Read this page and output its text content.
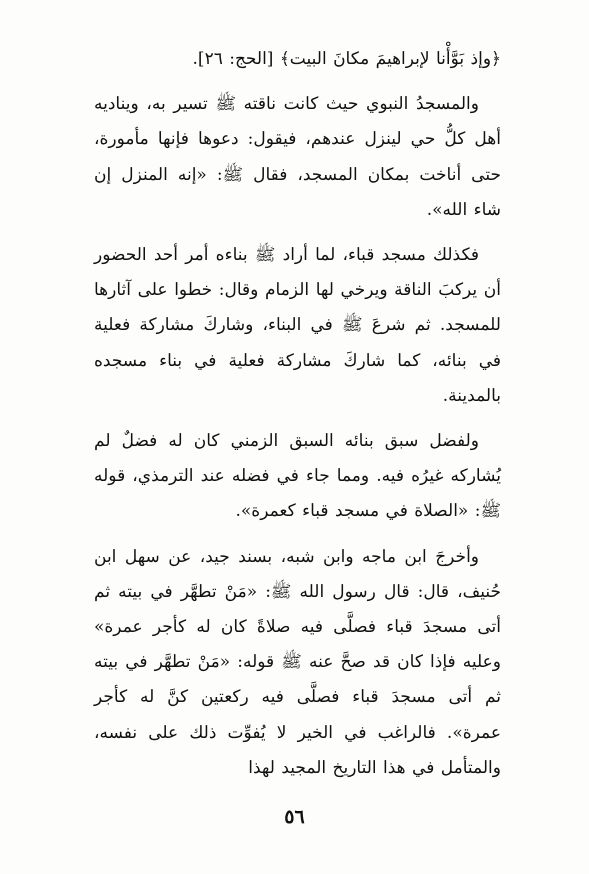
﴿وإذ بَوَّأْنا لإبراهيمَ مكانَ البيت﴾ [الحج: ٢٦].

والمسجدُ النبوي حيث كانت ناقته ﷺ تسير به، ويناديه أهل كلُّ حي لينزل عندهم، فيقول: دعوها فإنها مأمورة، حتى أناخت بمكان المسجد، فقال ﷺ: «إنه المنزل إن شاء الله».

فكذلك مسجد قباء، لما أراد ﷺ بناءه أمر أحد الحضور أن يركبَ الناقة ويرخي لها الزمام وقال: خطوا على آثارها للمسجد. ثم شرعَ ﷺ في البناء، وشاركَ مشاركة فعلية في بنائه، كما شاركَ مشاركة فعلية في بناء مسجده بالمدينة.

ولفضل سبق بنائه السبق الزمني كان له فضلٌ لم يُشاركه غيرُه فيه. ومما جاء في فضله عند الترمذي، قوله ﷺ: «الصلاة في مسجد قباء كعمرة».

وأخرجَ ابن ماجه وابن شبه، بسند جيد، عن سهل ابن حُنيف، قال: قال رسول الله ﷺ: «مَنْ تطهَّر في بيته ثم أتى مسجدَ قباء فصلَّى فيه صلاةً كان له كأجر عمرة» وعليه فإذا كان قد صحَّ عنه ﷺ قوله: «مَنْ تطهَّر في بيته ثم أتى مسجدَ قباء فصلَّى فيه ركعتين كنَّ له كأجر عمرة». فالراغب في الخير لا يُفوِّت ذلك على نفسه، والمتأمل في هذا التاريخ المجيد لهذا

٥٦
